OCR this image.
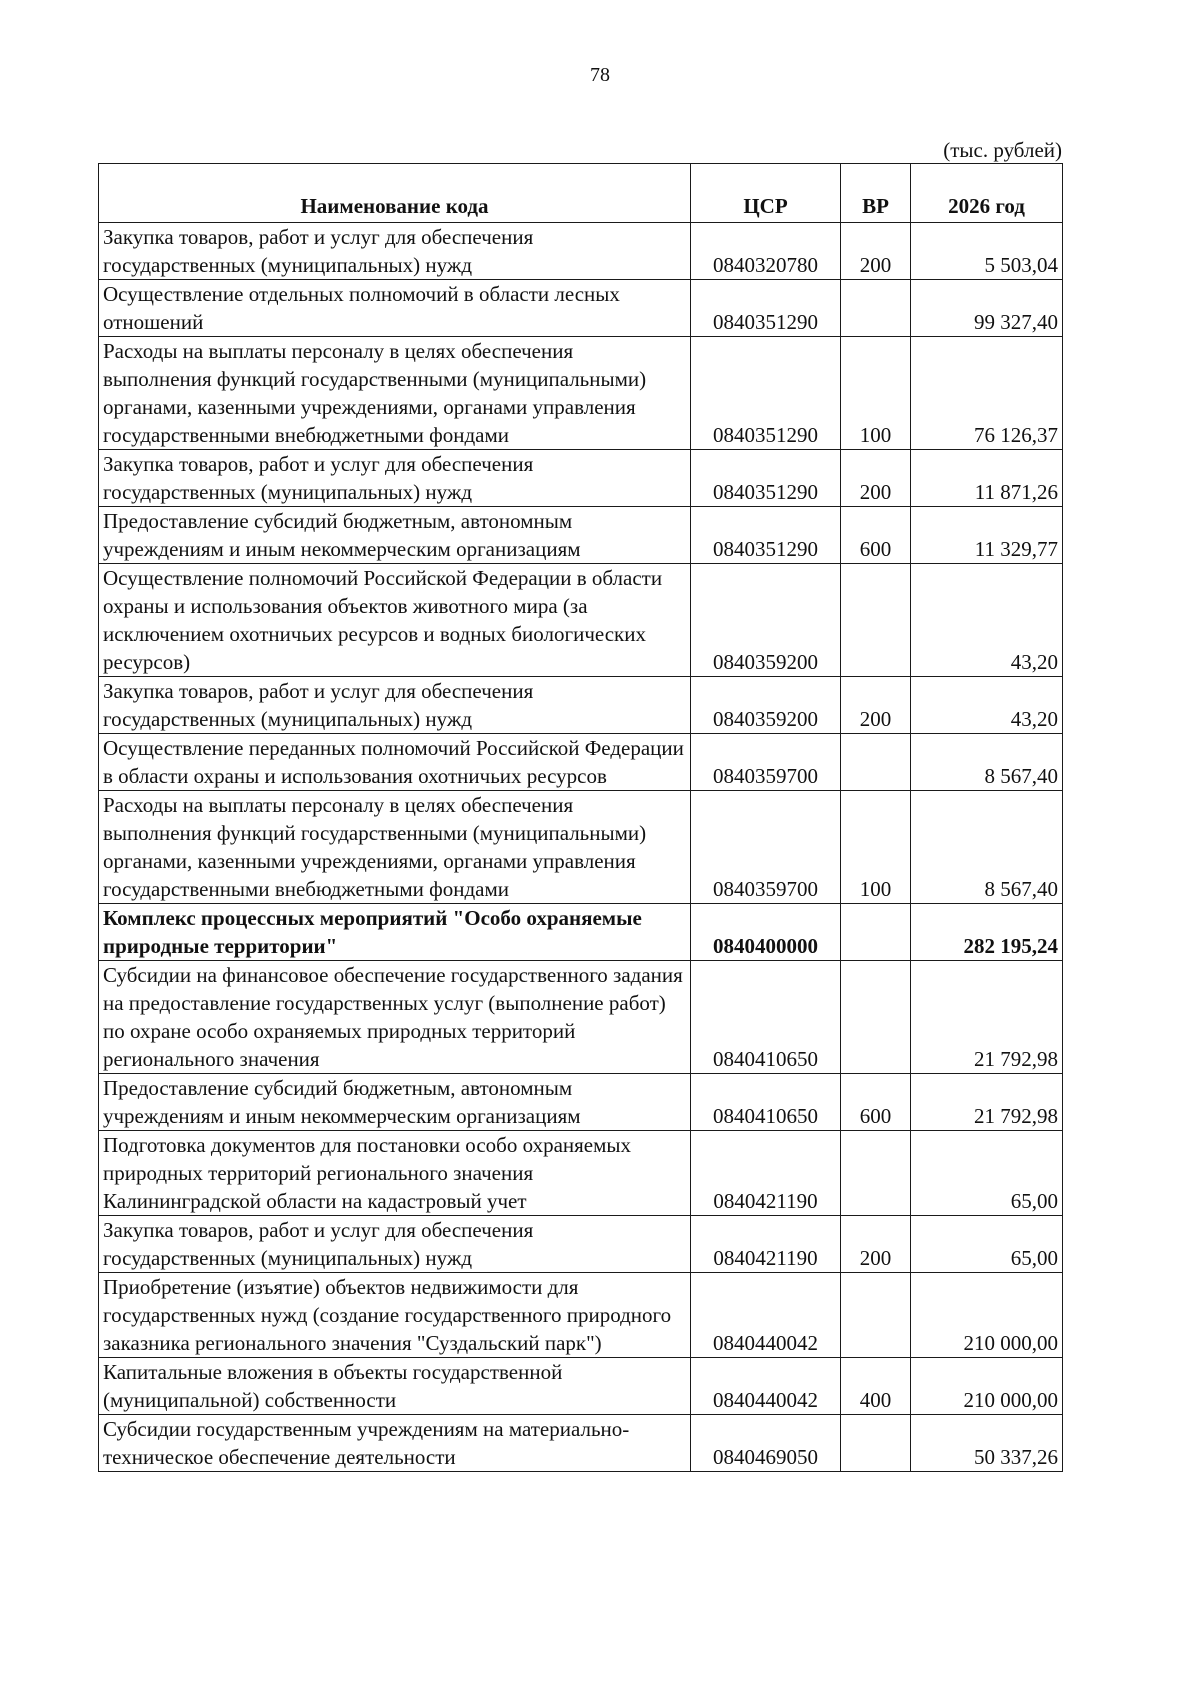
78
(тыс. рублей)
Наименование кода	ЦСР	ВР	2026 год
Закупка товаров, работ и услуг для обеспечения государственных (муниципальных) нужд	0840320780	200	5 503,04
Осуществление отдельных полномочий в области лесных отношений	0840351290		99 327,40
Расходы на выплаты персоналу в целях обеспечения выполнения функций государственными (муниципальными) органами, казенными учреждениями, органами управления государственными внебюджетными фондами	0840351290	100	76 126,37
Закупка товаров, работ и услуг для обеспечения государственных (муниципальных) нужд	0840351290	200	11 871,26
Предоставление субсидий бюджетным, автономным учреждениям и иным некоммерческим организациям	0840351290	600	11 329,77
Осуществление полномочий Российской Федерации в области охраны и использования объектов животного мира (за исключением охотничьих ресурсов и водных биологических ресурсов)	0840359200		43,20
Закупка товаров, работ и услуг для обеспечения государственных (муниципальных) нужд	0840359200	200	43,20
Осуществление переданных полномочий Российской Федерации в области охраны и использования охотничьих ресурсов	0840359700		8 567,40
Расходы на выплаты персоналу в целях обеспечения выполнения функций государственными (муниципальными) органами, казенными учреждениями, органами управления государственными внебюджетными фондами	0840359700	100	8 567,40
Комплекс процессных мероприятий "Особо охраняемые природные территории"	0840400000		282 195,24
Субсидии на финансовое обеспечение государственного задания на предоставление государственных услуг (выполнение работ) по охране особо охраняемых природных территорий регионального значения	0840410650		21 792,98
Предоставление субсидий бюджетным, автономным учреждениям и иным некоммерческим организациям	0840410650	600	21 792,98
Подготовка документов для постановки особо охраняемых природных территорий регионального значения Калининградской области на кадастровый учет	0840421190		65,00
Закупка товаров, работ и услуг для обеспечения государственных (муниципальных) нужд	0840421190	200	65,00
Приобретение (изъятие) объектов недвижимости для государственных нужд (создание государственного природного заказника регионального значения "Суздальский парк")	0840440042		210 000,00
Капитальные вложения в объекты государственной (муниципальной) собственности	0840440042	400	210 000,00
Субсидии государственным учреждениям на материально-техническое обеспечение деятельности	0840469050		50 337,26
